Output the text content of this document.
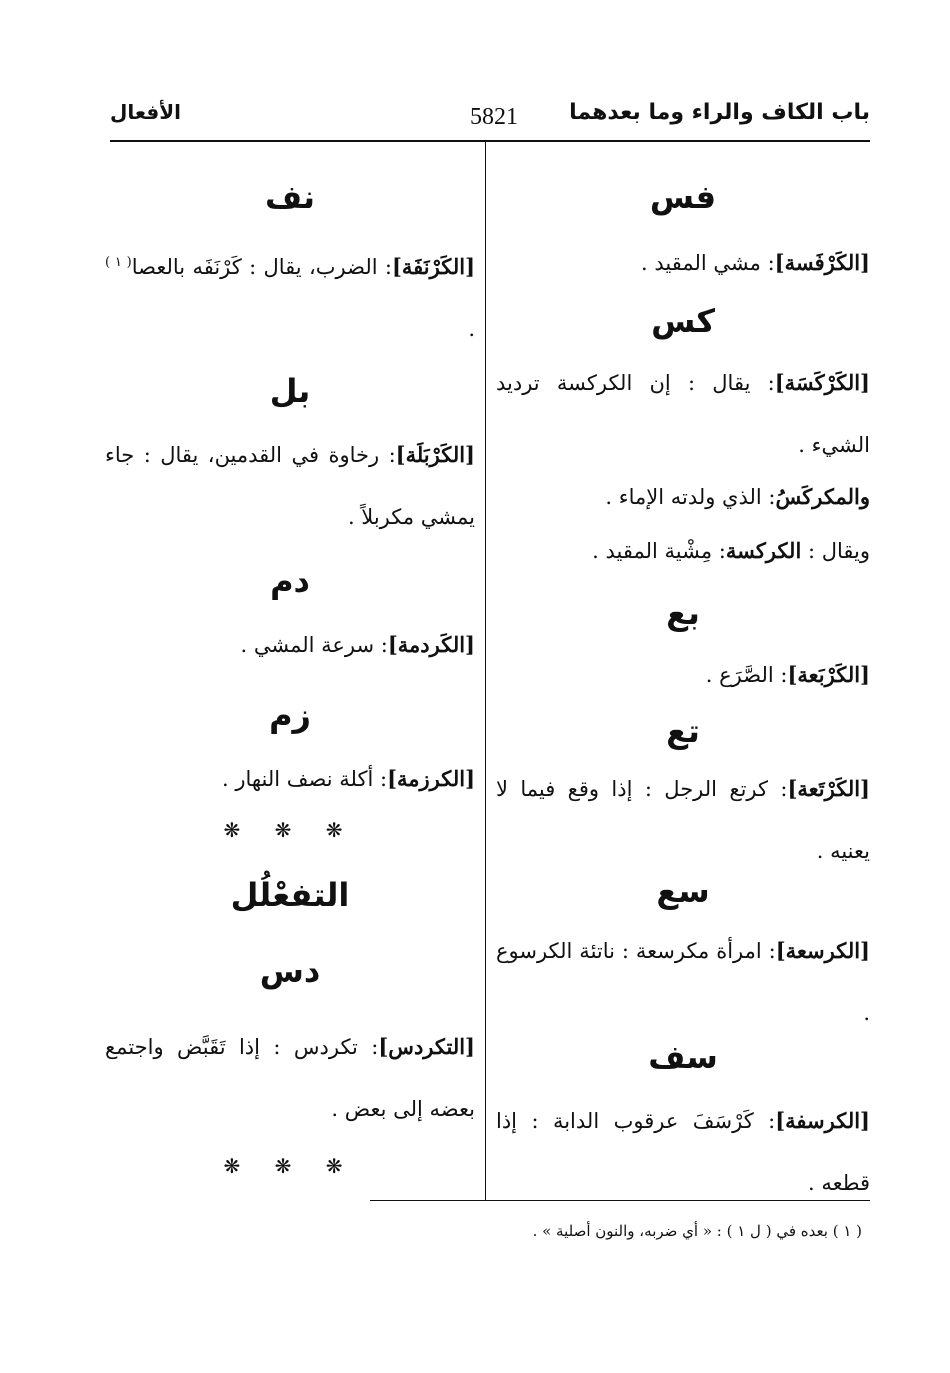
باب الكاف والراء وما بعدهما
5821
الأفعال
فس
[الكَرْفَسة]: مشي المقيد .
كس
[الكَرْكَسَة]: يقال : إن الكركسة ترديد الشيء .
والمكركَسُ: الذي ولدته الإماء .
ويقال : الكركسة: مِشْية المقيد .
بع
[الكَرْبَعة]: الصَّرَع .
تع
[الكَرْتَعة]: كرتع الرجل : إذا وقع فيما لا يعنيه .
سع
[الكرسعة]: امرأة مكرسعة : ناتئة الكرسوع .
سف
[الكرسفة]: كَرْسَفَ عرقوب الدابة : إذا قطعه .
نف
[الكَرْنَفَة]: الضرب، يقال : كَرْنَفَه بالعصا$^{( ١ )}$ .
بل
[الكَرْبَلَة]: رخاوة في القدمين، يقال : جاء يمشي مكربلاً .
دم
[الكَردمة]: سرعة المشي .
زم
[الكرزمة]: أكلة نصف النهار .
❋ ❋ ❋
التفعْلُل
دس
[التكردس]: تكردس : إذا تَقَبَّض واجتمع بعضه إلى بعض .
❋ ❋ ❋
( ١ ) بعده في ( ل ١ ) : « أي ضربه، والنون أصلية » .
